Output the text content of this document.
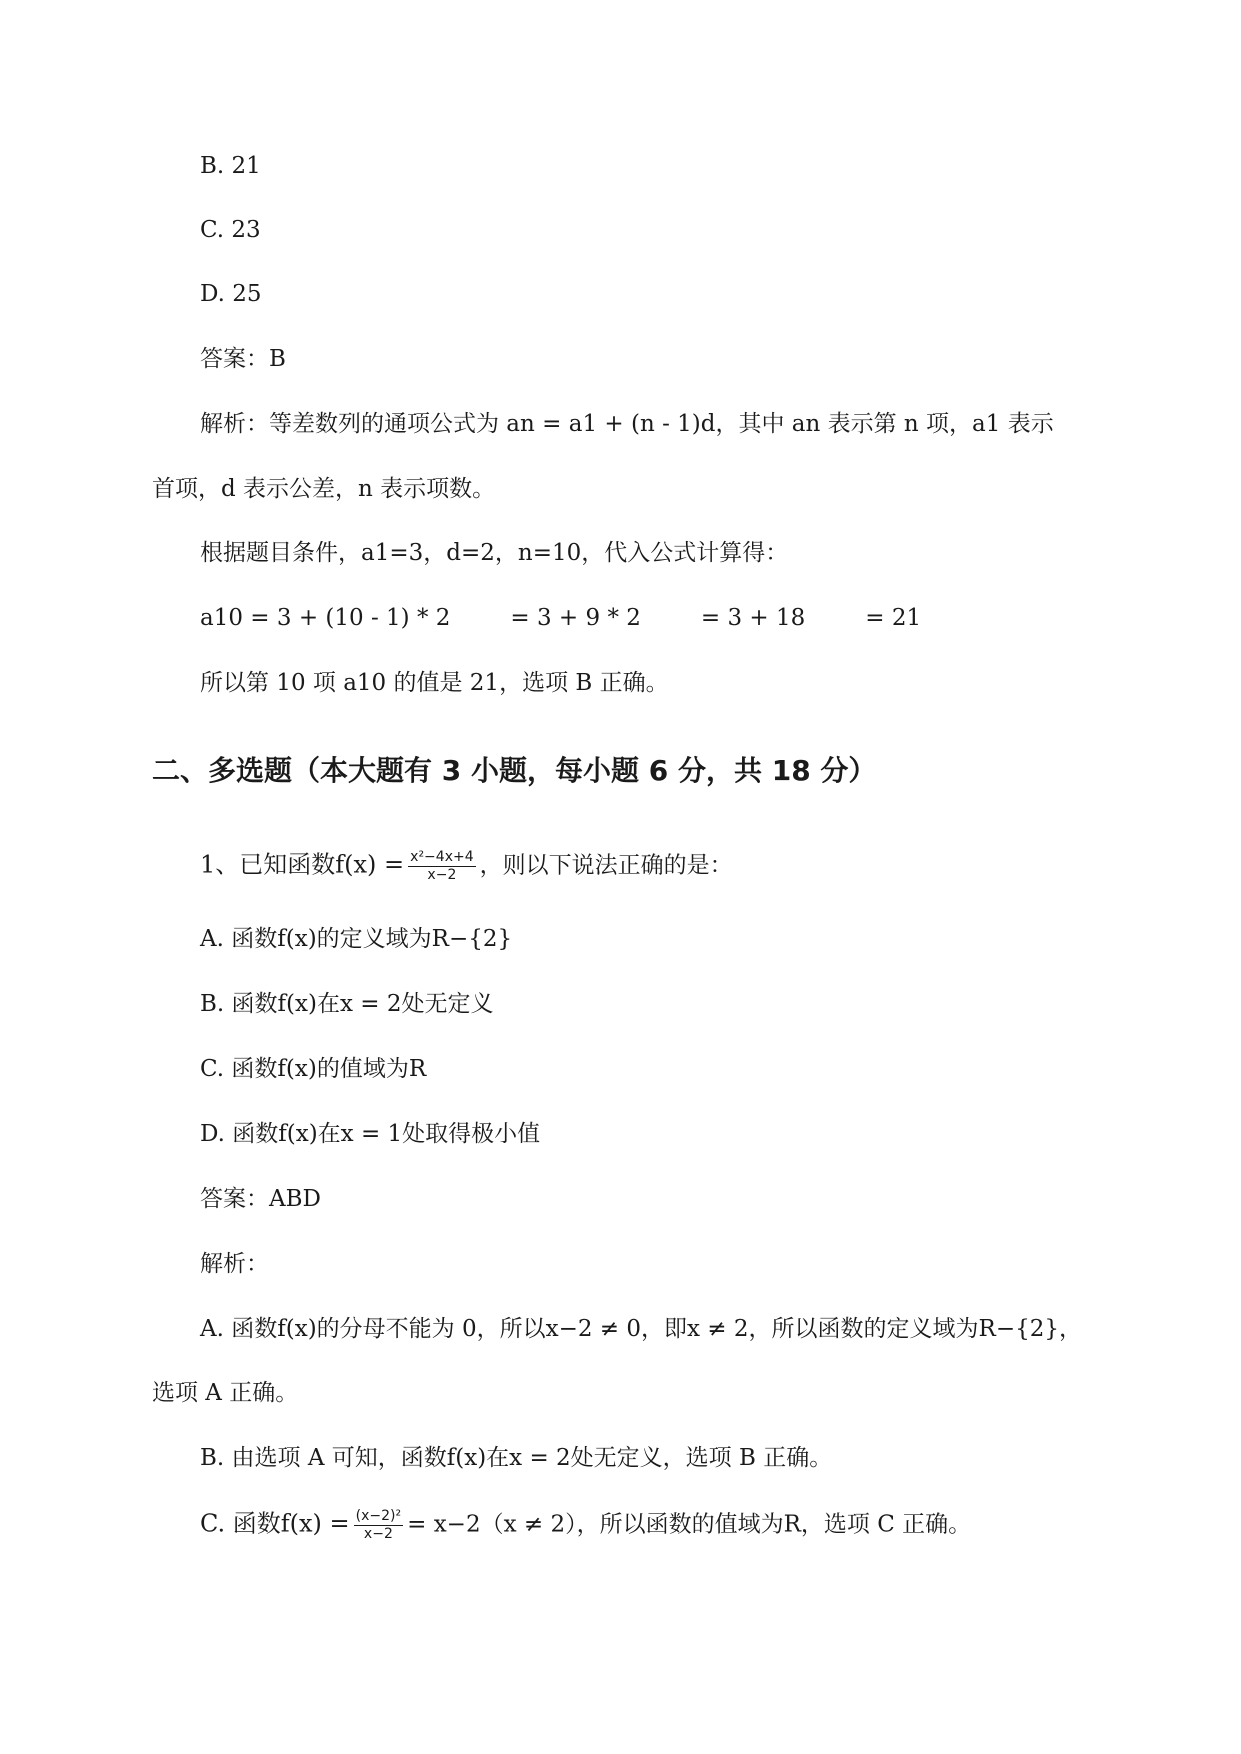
B. 21
C. 23
D. 25
答案：B
解析：等差数列的通项公式为 an = a1 + (n - 1)d，其中 an 表示第 n 项，a1 表示
首项，d 表示公差，n 表示项数。
根据题目条件，a1=3，d=2，n=10，代入公式计算得：
a10 = 3 + (10 - 1) * 2	= 3 + 9 * 2	= 3 + 18	= 21
所以第 10 项 a10 的值是 21，选项 B 正确。
二、多选题（本大题有 3 小题，每小题 6 分，共 18 分）
1、已知函数$f(x) = \frac{\text{x²−4x+4}}{x-2}$ ，则以下说法正确的是：
A. 函数f(x)的定义域为R−{2}
B. 函数f(x)在x = 2处无定义
C. 函数f(x)的值域为R
D. 函数f(x)在x = 1处取得极小值
答案：ABD
解析：
A. 函数f(x)的分母不能为 0，所以x−2 ≠ 0，即x ≠ 2，所以函数的定义域为R−{2}，
选项 A 正确。
B. 由选项 A 可知，函数f(x)在x = 2处无定义，选项 B 正确。
C. 函数$f(x) = \frac{\text{(x−2)²}}{x-2} = x-2(x \ne 2)$，所以函数的值域为R，选项 C 正确。
